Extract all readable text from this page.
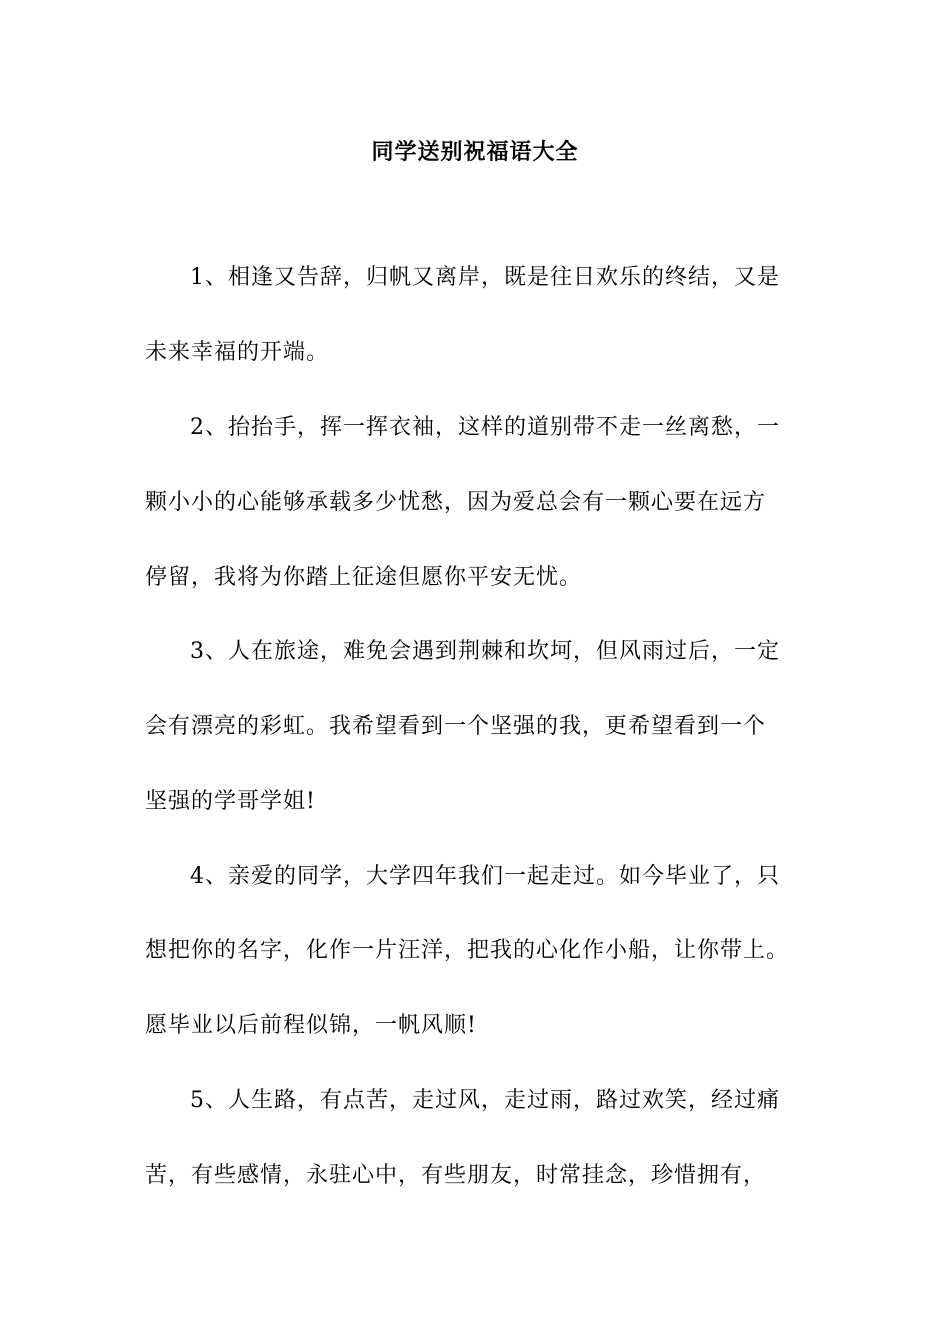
同学送别祝福语大全
1、相逢又告辞，归帆又离岸，既是往日欢乐的终结，又是
未来幸福的开端。
2、抬抬手，挥一挥衣袖，这样的道别带不走一丝离愁，一
颗小小的心能够承载多少忧愁，因为爱总会有一颗心要在远方
停留，我将为你踏上征途但愿你平安无忧。
3、人在旅途，难免会遇到荆棘和坎坷，但风雨过后，一定
会有漂亮的彩虹。我希望看到一个坚强的我，更希望看到一个
坚强的学哥学姐!
4、亲爱的同学，大学四年我们一起走过。如今毕业了，只
想把你的名字，化作一片汪洋，把我的心化作小船，让你带上。
愿毕业以后前程似锦，一帆风顺!
5、人生路，有点苦，走过风，走过雨，路过欢笑，经过痛
苦，有些感情，永驻心中，有些朋友，时常挂念，珍惜拥有，
